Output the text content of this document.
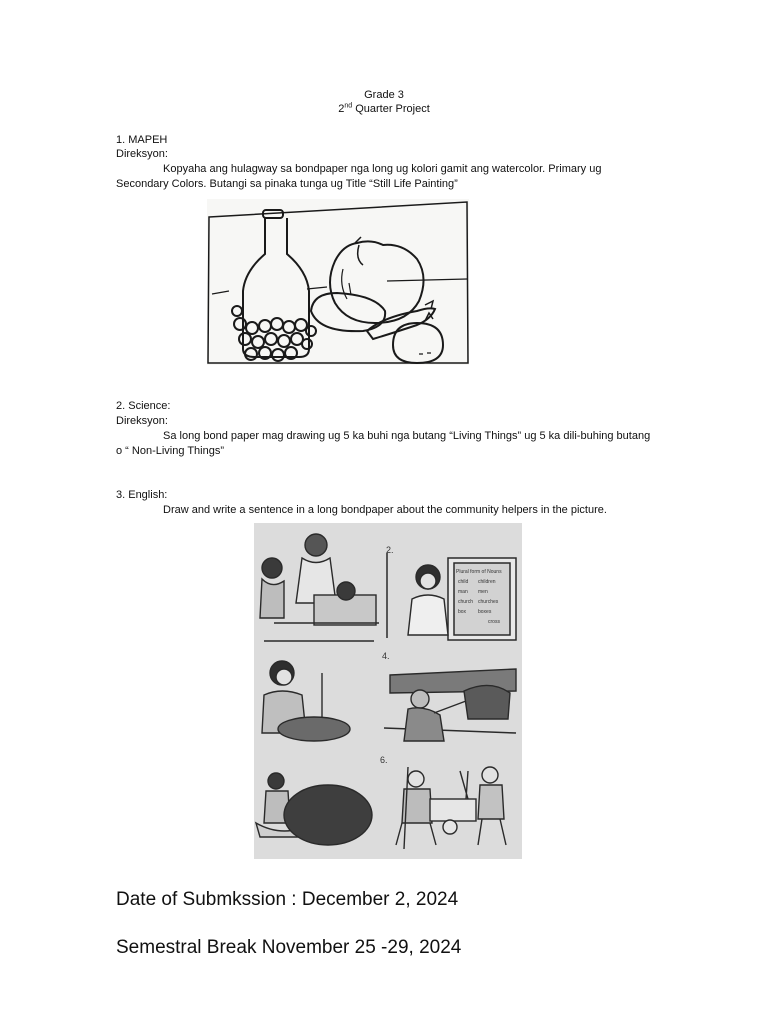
Grade 3
2nd Quarter Project
1. MAPEH
Direksyon:
Kopyaha ang hulagway sa bondpaper nga long ug kolori gamit ang watercolor. Primary ug Secondary Colors. Butangi sa pinaka tunga ug Title “Still Life Painting”
2. Science:
Direksyon:
Sa long bond paper mag drawing ug 5 ka buhi nga butang “Living Things” ug 5 ka dili-buhing butang o “ Non-Living Things”
3. English:
Draw and write a sentence in a long bondpaper about the community helpers in the picture.
2.
Plural form of Nouns
child children
man men
church churches
box boxes
cross
4.
6.
Date of Submkssion : December 2, 2024
Semestral Break November 25 -29, 2024
